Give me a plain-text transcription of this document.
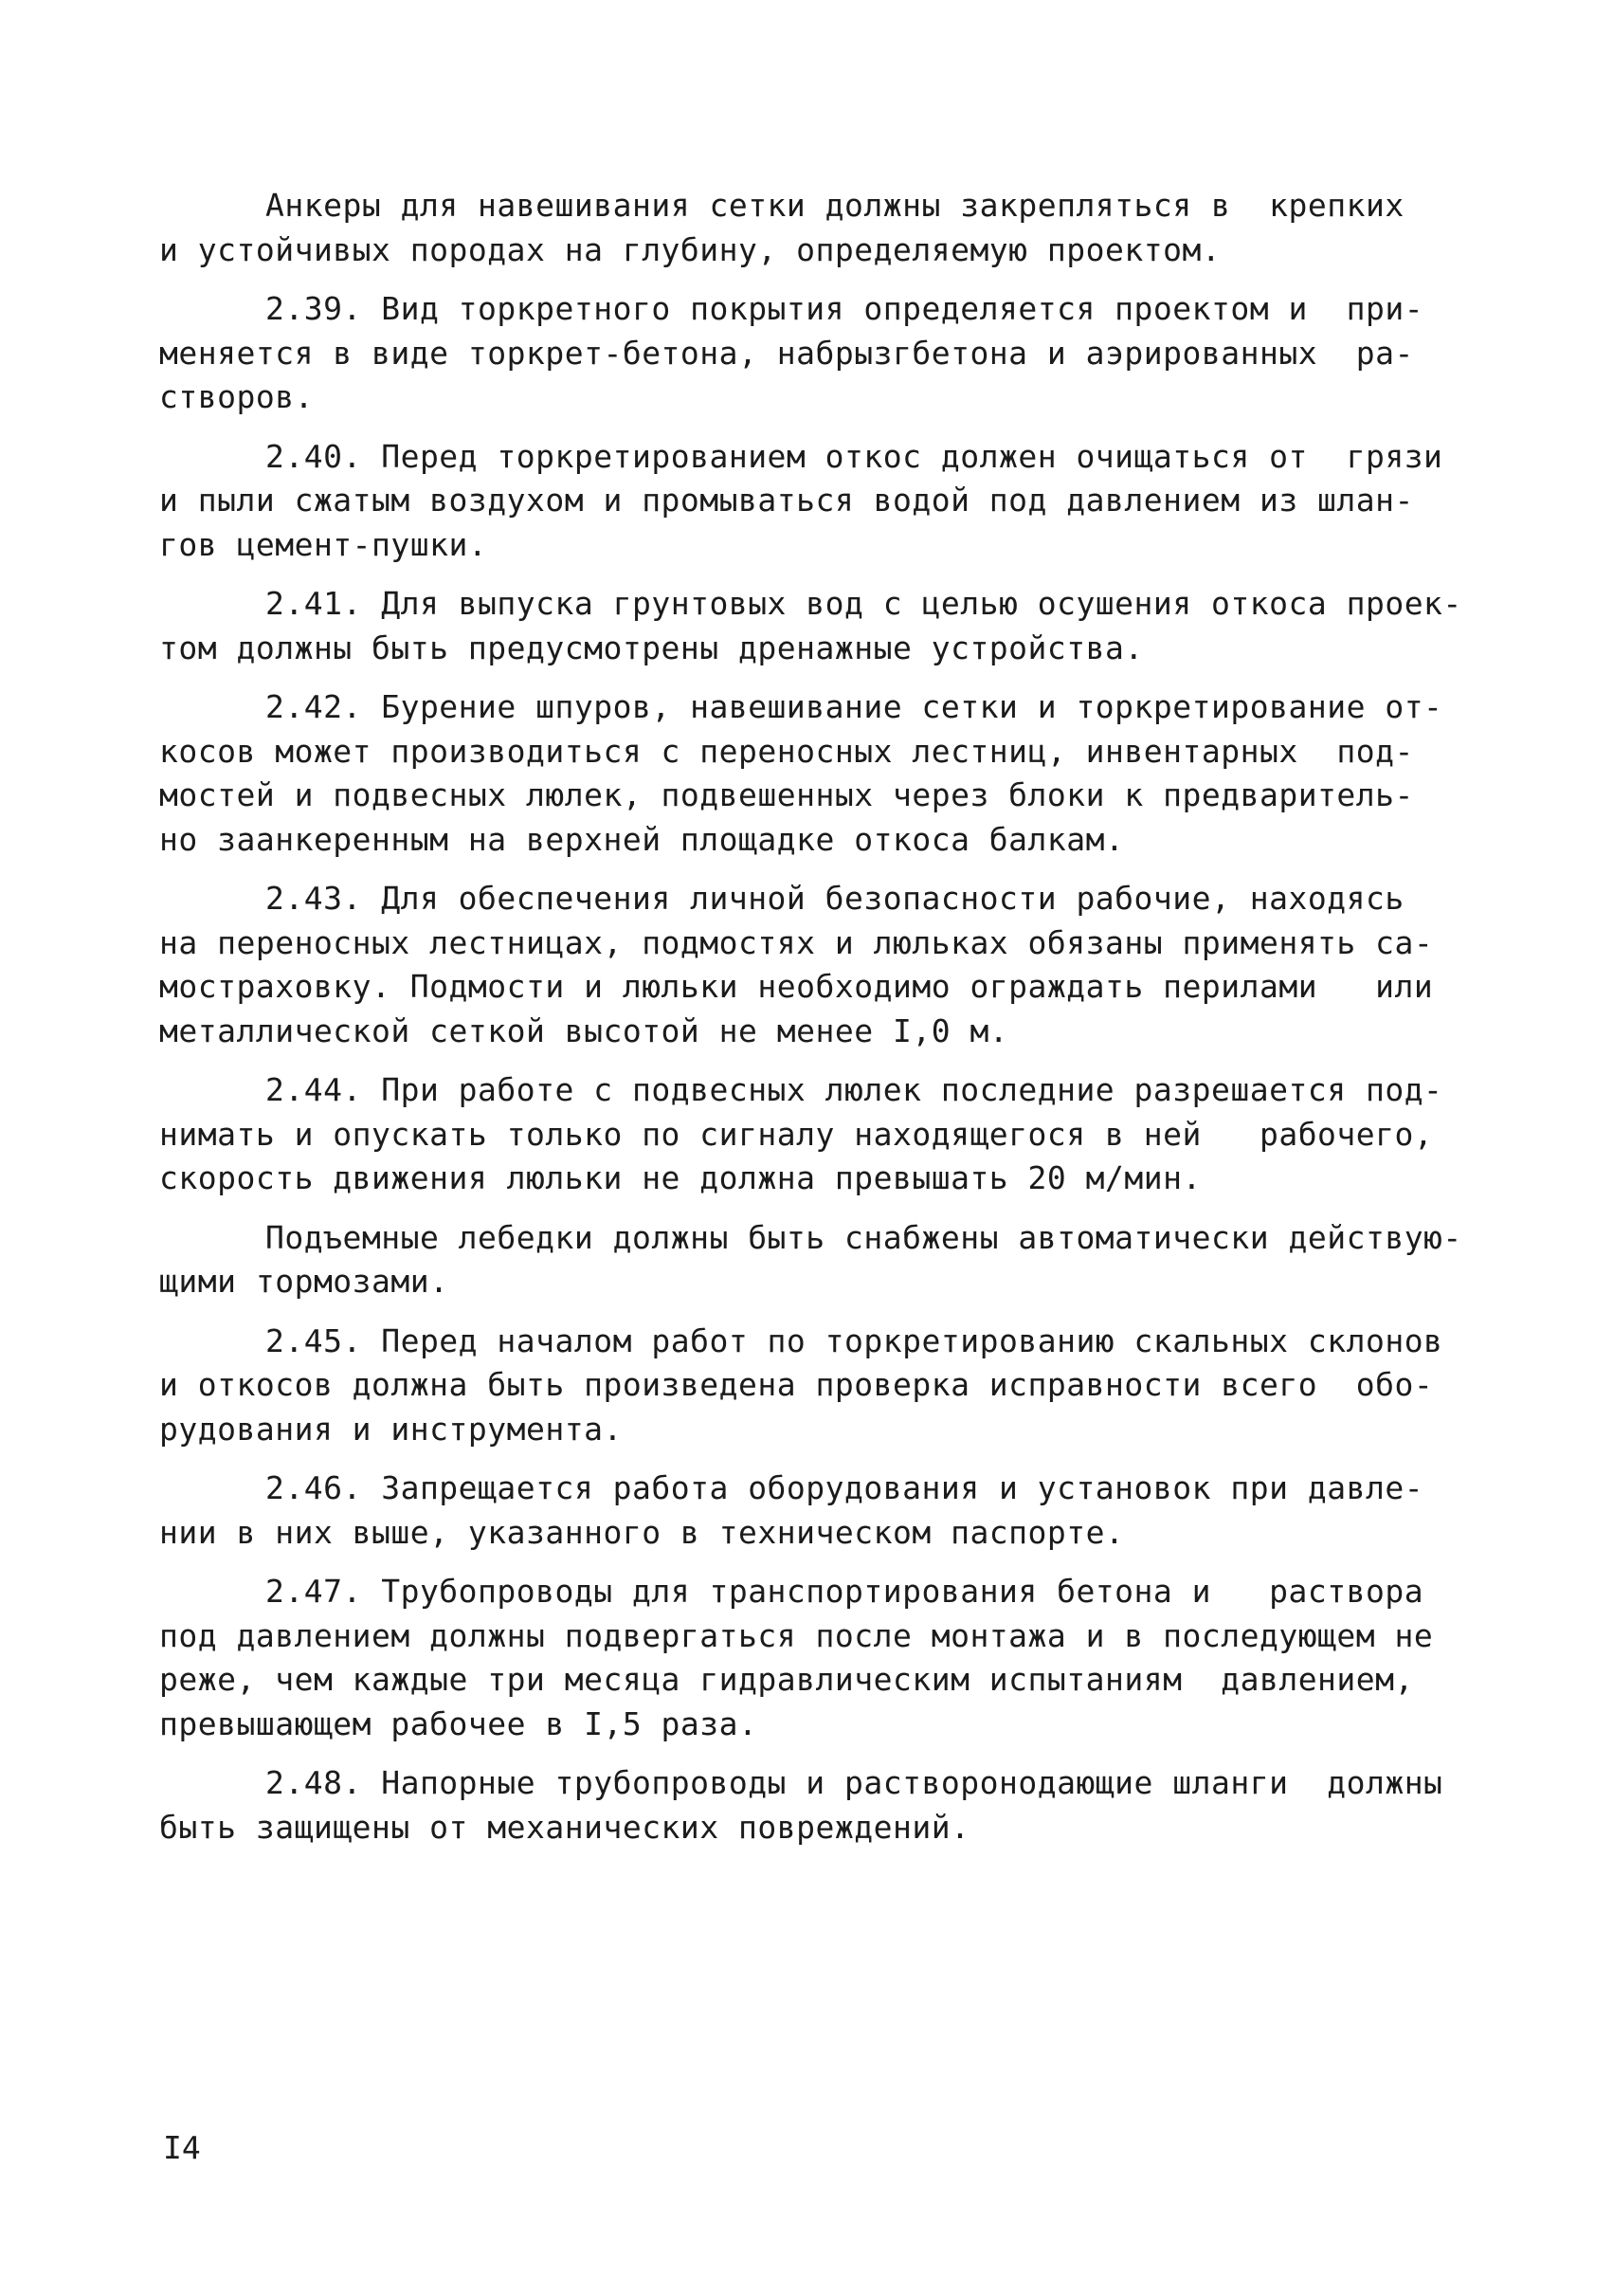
Анкеры для навешивания сетки должны закрепляться в  крепких
и устойчивых породах на глубину, определяемую проектом.
2.39. Вид торкретного покрытия определяется проектом и  при-
меняется в виде торкрет-бетона, набрызгбетона и аэрированных  ра-
створов.
2.40. Перед торкретированием откос должен очищаться от  грязи
и пыли сжатым воздухом и промываться водой под давлением из шлан-
гов цемент-пушки.
2.41. Для выпуска грунтовых вод с целью осушения откоса проек-
том должны быть предусмотрены дренажные устройства.
2.42. Бурение шпуров, навешивание сетки и торкретирование от-
косов может производиться с переносных лестниц, инвентарных  под-
мостей и подвесных люлек, подвешенных через блоки к предваритель-
но заанкеренным на верхней площадке откоса балкам.
2.43. Для обеспечения личной безопасности рабочие, находясь
на переносных лестницах, подмостях и люльках обязаны применять са-
мостраховку. Подмости и люльки необходимо ограждать перилами   или
металлической сеткой высотой не менее I,0 м.
2.44. При работе с подвесных люлек последние разрешается под-
нимать и опускать только по сигналу находящегося в ней   рабочего,
скорость движения люльки не должна превышать 20 м/мин.
Подъемные лебедки должны быть снабжены автоматически действую-
щими тормозами.
2.45. Перед началом работ по торкретированию скальных склонов
и откосов должна быть произведена проверка исправности всего  обо-
рудования и инструмента.
2.46. Запрещается работа оборудования и установок при давле-
нии в них выше, указанного в техническом паспорте.
2.47. Трубопроводы для транспортирования бетона и   раствора
под давлением должны подвергаться после монтажа и в последующем не
реже, чем каждые три месяца гидравлическим испытаниям  давлением,
превышающем рабочее в I,5 раза.
2.48. Напорные трубопроводы и растворонодающие шланги  должны
быть защищены от механических повреждений.
I4
